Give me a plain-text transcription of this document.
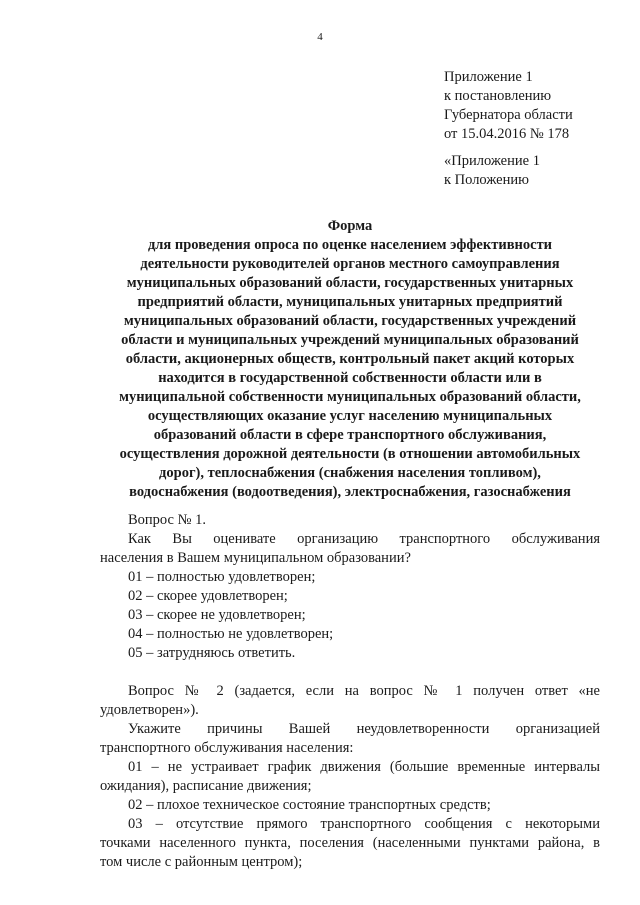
4
Приложение 1
к постановлению
Губернатора области
от 15.04.2016 № 178
«Приложение 1
к Положению
Форма
для проведения опроса по оценке населением эффективности
деятельности руководителей органов местного самоуправления
муниципальных образований области, государственных унитарных
предприятий области, муниципальных унитарных предприятий
муниципальных образований области, государственных учреждений
области и муниципальных учреждений муниципальных образований
области, акционерных обществ, контрольный пакет акций которых
находится в государственной собственности области или в
муниципальной собственности муниципальных образований области,
осуществляющих оказание услуг населению муниципальных
образований области в сфере транспортного обслуживания,
осуществления дорожной деятельности (в отношении автомобильных
дорог), теплоснабжения (снабжения населения топливом),
водоснабжения (водоотведения), электроснабжения, газоснабжения
Вопрос № 1.
Как Вы оценивате организацию транспортного обслуживания
населения в Вашем муниципальном образовании?
01 – полностью удовлетворен;
02 – скорее удовлетворен;
03 – скорее не удовлетворен;
04 – полностью не удовлетворен;
05 – затрудняюсь ответить.
Вопрос № 2 (задается, если на вопрос № 1 получен ответ «не
удовлетворен»).
Укажите причины Вашей неудовлетворенности организацией
транспортного обслуживания населения:
01 – не устраивает график движения (большие временные интервалы
ожидания), расписание движения;
02 – плохое техническое состояние транспортных средств;
03 – отсутствие прямого транспортного сообщения с некоторыми
точками населенного пункта, поселения (населенными пунктами района, в
том числе с районным центром);
